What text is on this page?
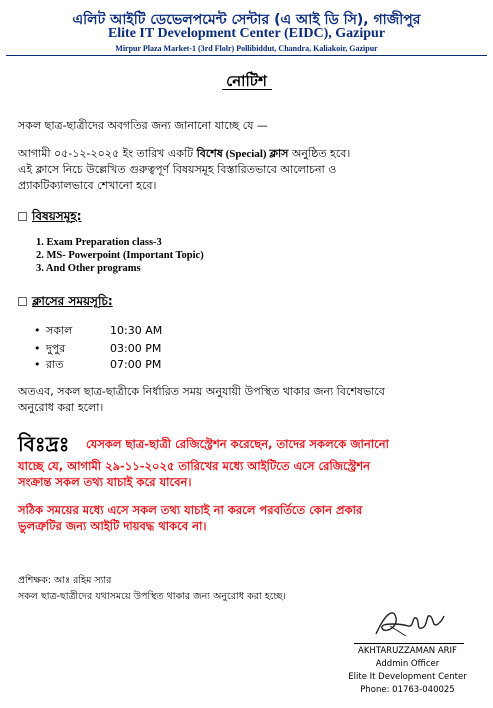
এলিট আইটি ডেভেলপমেন্ট সেন্টার (এ আই ডি সি), গাজীপুর
Elite IT Development Center (EIDC), Gazipur
Mirpur Plaza Market-1 (3rd Flolr) Pollibiddut, Chandra, Kaliakoir, Gazipur
নোটিশ
সকল ছাত্র-ছাত্রীদের অবগতির জন্য জানানো যাচ্ছে যে —
আগামী ০৫-১২-২০২৫ ইং তারিখ একটি বিশেষ (Special) ক্লাস অনুষ্ঠিত হবে।
এই ক্লাসে নিচে উল্লেখিত গুরুত্বপূর্ণ বিষয়সমূহ বিস্তারিতভাবে আলোচনা ও
প্র্যাকটিক্যালভাবে শেখানো হবে।
বিষয়সমূহ:
1. Exam Preparation class-3
2. MS- Powerpoint (Important Topic)
3. And Other programs
ক্লাসের সময়সূচি:
• সকাল	10:30 AM
• দুপুর	03:00 PM
• রাত	07:00 PM
অতএব, সকল ছাত্র-ছাত্রীকে নির্ধারিত সময় অনুযায়ী উপস্থিত থাকার জন্য বিশেষভাবে
অনুরোধ করা হলো।
বিঃদ্রঃ যেসকল ছাত্র-ছাত্রী রেজিস্ট্রেশন করেছেন, তাদের সকলকে জানানো
যাচ্ছে যে, আগামী ২৯-১১-২০২৫ তারিখের মধ্যে আইটিতে এসে রেজিস্ট্রেশন
সংক্রান্ত সকল তথ্য যাচাই করে যাবেন।
সঠিক সময়ের মধ্যে এসে সকল তথ্য যাচাই না করলে পরবর্তিতে কোন প্রকার
ভুলত্রুটির জন্য আইটি দায়বদ্ধ থাকবে না।
প্রশিক্ষক: আঃ রহিম স্যার
সকল ছাত্র-ছাত্রীদের যথাসময়ে উপস্থিত থাকার জন্য অনুরোধ করা হচ্ছে।
AKHTARUZZAMAN ARIF
Addmin Officer
Elite It Development Center
Phone: 01763-040025
